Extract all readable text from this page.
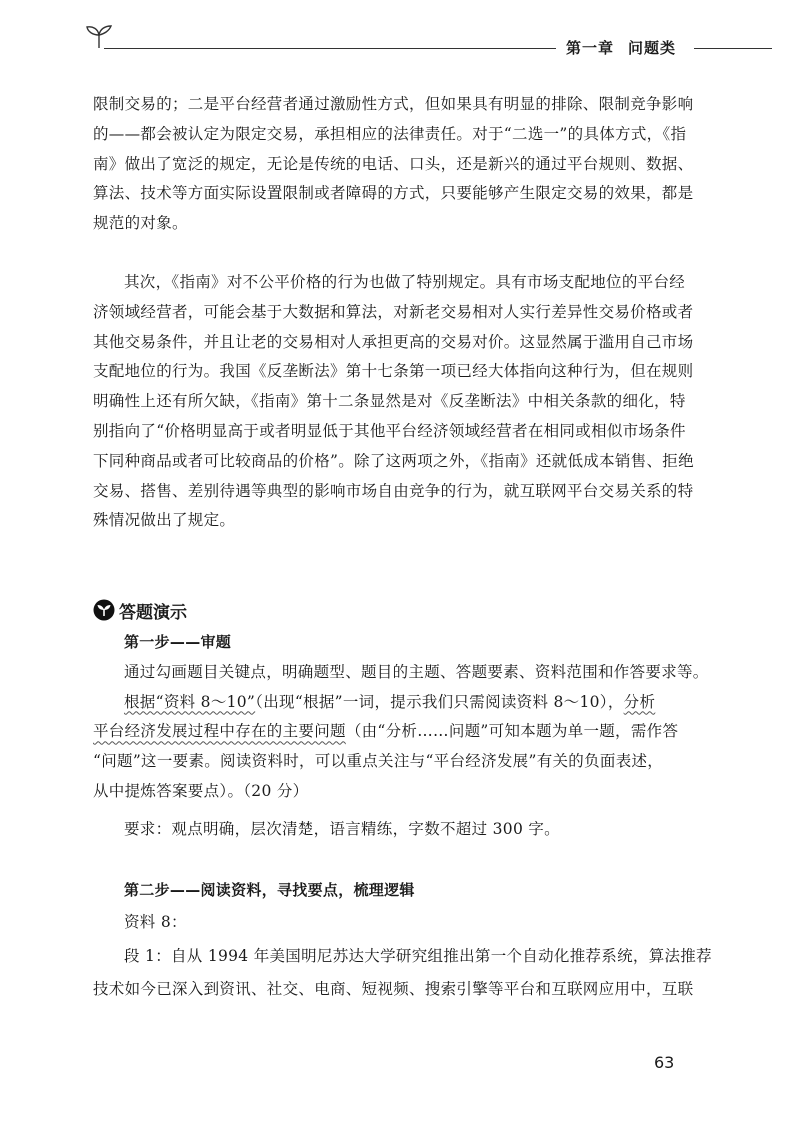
第一章 问题类
限制交易的；二是平台经营者通过激励性方式，但如果具有明显的排除、限制竞争影响
的——都会被认定为限定交易，承担相应的法律责任。对于“二选一”的具体方式，《指
南》做出了宽泛的规定，无论是传统的电话、口头，还是新兴的通过平台规则、数据、
算法、技术等方面实际设置限制或者障碍的方式，只要能够产生限定交易的效果，都是
规范的对象。
其次，《指南》对不公平价格的行为也做了特别规定。具有市场支配地位的平台经
济领域经营者，可能会基于大数据和算法，对新老交易相对人实行差异性交易价格或者
其他交易条件，并且让老的交易相对人承担更高的交易对价。这显然属于滥用自己市场
支配地位的行为。我国《反垄断法》第十七条第一项已经大体指向这种行为，但在规则
明确性上还有所欠缺，《指南》第十二条显然是对《反垄断法》中相关条款的细化，特
别指向了“价格明显高于或者明显低于其他平台经济领域经营者在相同或相似市场条件
下同种商品或者可比较商品的价格”。除了这两项之外，《指南》还就低成本销售、拒绝
交易、搭售、差别待遇等典型的影响市场自由竞争的行为，就互联网平台交易关系的特
殊情况做出了规定。
答题演示
第一步——审题
通过勾画题目关键点，明确题型、题目的主题、答题要素、资料范围和作答要求等。
根据“资料 8～10”（出现“根据”一词，提示我们只需阅读资料 8～10），分析
平台经济发展过程中存在的主要问题（由“分析……问题”可知本题为单一题，需作答
“问题”这一要素。阅读资料时，可以重点关注与“平台经济发展”有关的负面表述，
从中提炼答案要点）。（20 分）
要求：观点明确，层次清楚，语言精练，字数不超过 300 字。
第二步——阅读资料，寻找要点，梳理逻辑
资料 8：
段 1：自从 1994 年美国明尼苏达大学研究组推出第一个自动化推荐系统，算法推荐
技术如今已深入到资讯、社交、电商、短视频、搜索引擎等平台和互联网应用中，互联
63
